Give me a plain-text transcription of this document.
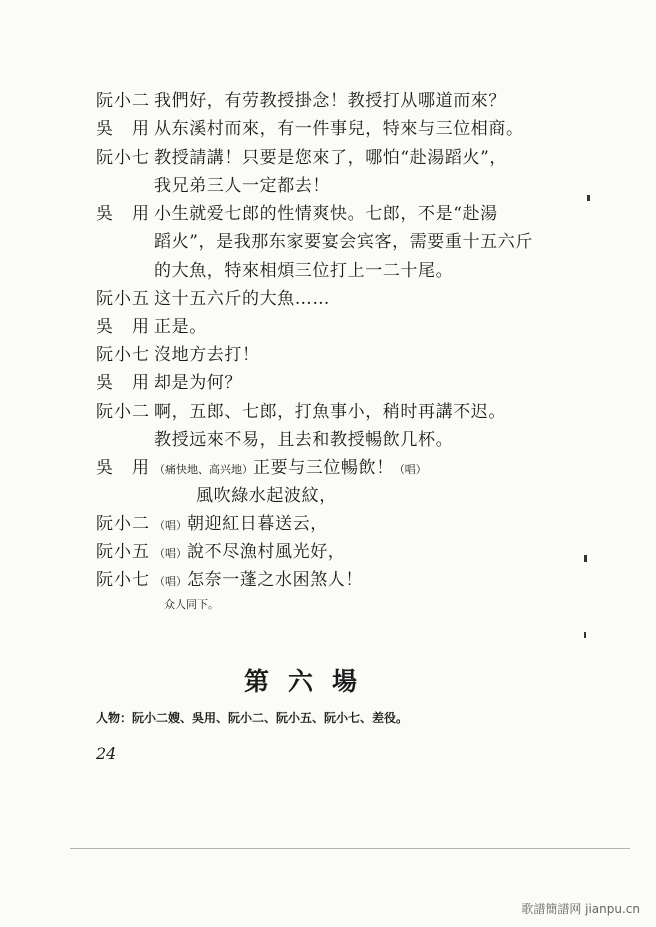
阮小二 我們好，有劳教授掛念！教授打从哪道而來？
吳　用 从东溪村而來，有一件事兒，特來与三位相商。
阮小七 教授請講！只要是您來了，哪怕“赴湯蹈火”，
我兄弟三人一定都去！
吳　用 小生就爱七郎的性情爽快。七郎，不是“赴湯
蹈火”，是我那东家要宴会宾客，需要重十五六斤
的大魚，特來相煩三位打上一二十尾。
阮小五 这十五六斤的大魚……
吳　用 正是。
阮小七 沒地方去打！
吳　用 却是为何？
阮小二 啊，五郎、七郎，打魚事小，稍时再講不迟。
教授远來不易，且去和教授暢飲几杯。
吳　用 （痛快地、高兴地）正要与三位暢飲！（唱）
風吹綠水起波紋，
阮小二 （唱）朝迎紅日暮送云，
阮小五 （唱）說不尽漁村風光好，
阮小七 （唱）怎奈一蓬之水困煞人！
众人同下。
第六場
人物：阮小二嫂、吳用、阮小二、阮小五、阮小七、差役。
24
歌譜簡譜网 jianpu.cn
